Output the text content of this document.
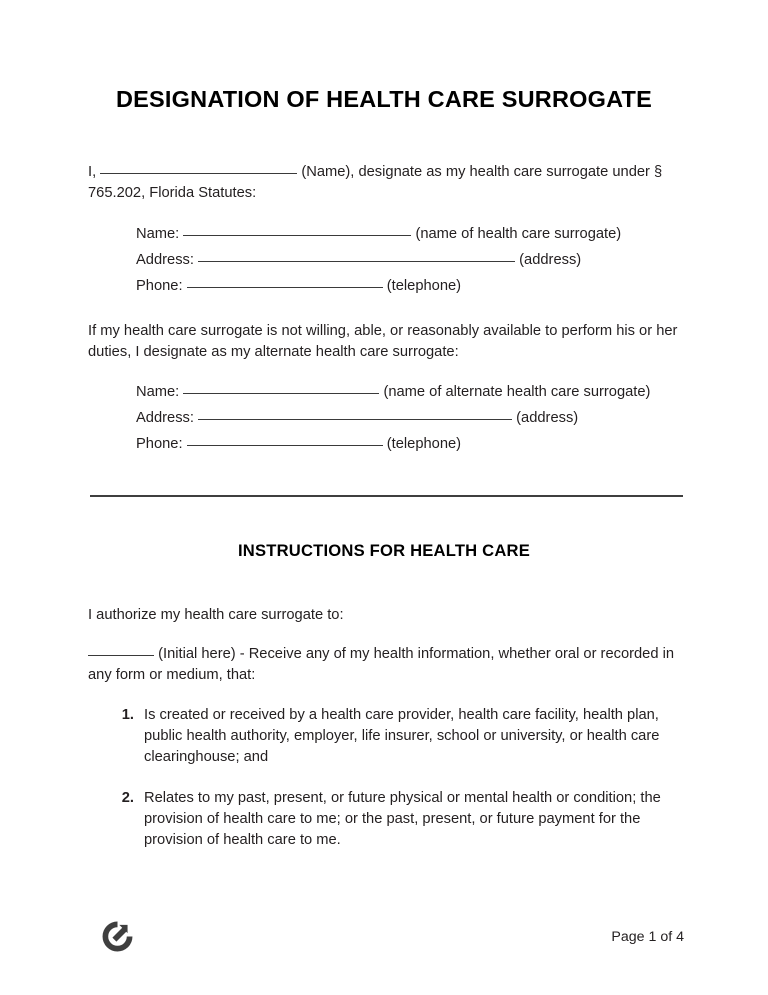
DESIGNATION OF HEALTH CARE SURROGATE
I,	(Name), designate as my health care surrogate under § 765.202, Florida Statutes:
Name:	(name of health care surrogate)
Address:	(address)
Phone:	(telephone)
If my health care surrogate is not willing, able, or reasonably available to perform his or her duties, I designate as my alternate health care surrogate:
Name:	(name of alternate health care surrogate)
Address:	(address)
Phone:	(telephone)
INSTRUCTIONS FOR HEALTH CARE
I authorize my health care surrogate to:
(Initial here) - Receive any of my health information, whether oral or recorded in any form or medium, that:
1. Is created or received by a health care provider, health care facility, health plan, public health authority, employer, life insurer, school or university, or health care clearinghouse; and
2. Relates to my past, present, or future physical or mental health or condition; the provision of health care to me; or the past, present, or future payment for the provision of health care to me.
Page 1 of 4
